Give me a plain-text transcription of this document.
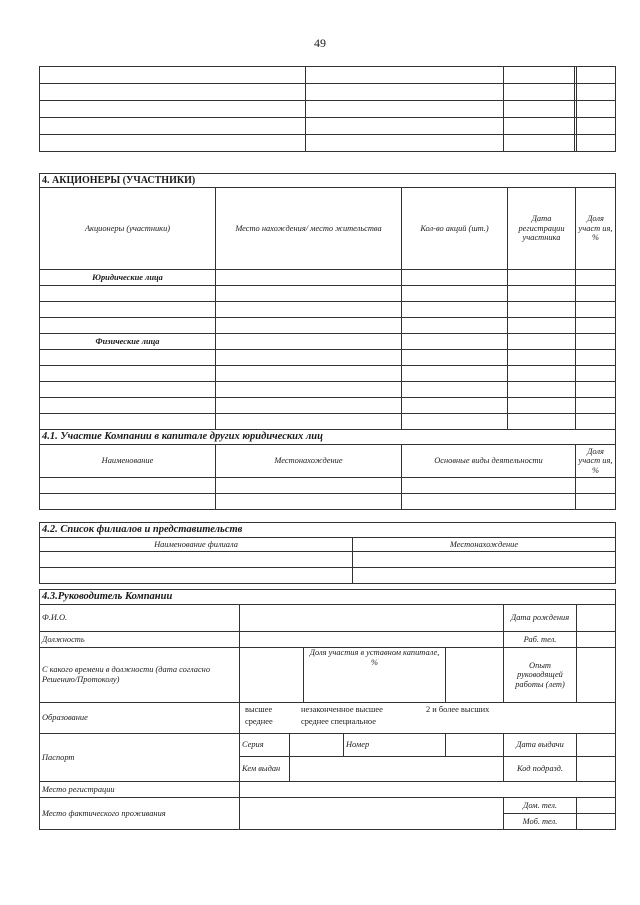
49

4. АКЦИОНЕРЫ (УЧАСТНИКИ)				
Акционеры (участники)	Место нахождения/ место жительства	Кол-во акций (шт.)	Дата регистрации участника	Доля участ ия, %
Юридические лица				

Физические лица				

4.1. Участие Компании в капитале других юридических лиц				
Наименование	Местонахождение	Основные виды деятельности		Доля участ ия, %

4.2. Список филиалов и представительств	
Наименование филиала	Местонахождение

4.3.Руководитель Компании							
Ф.И.О.						Дата рождения	
Должность						Раб. тел.	
С какого времени в должности (дата согласно Решению/Протоколу)			Доля участия в уставном капитале, %			Опыт руководящей работы (лет)	
Образование	высшее незаконченное высшее 2 и более высших
среднее среднее специальное						

Паспорт	Серия			Номер		Дата выдачи	
	Кем выдан					Код подразд.	
Место регистрации							
Место фактического проживания						Дом. тел.	
						Моб. тел.	
